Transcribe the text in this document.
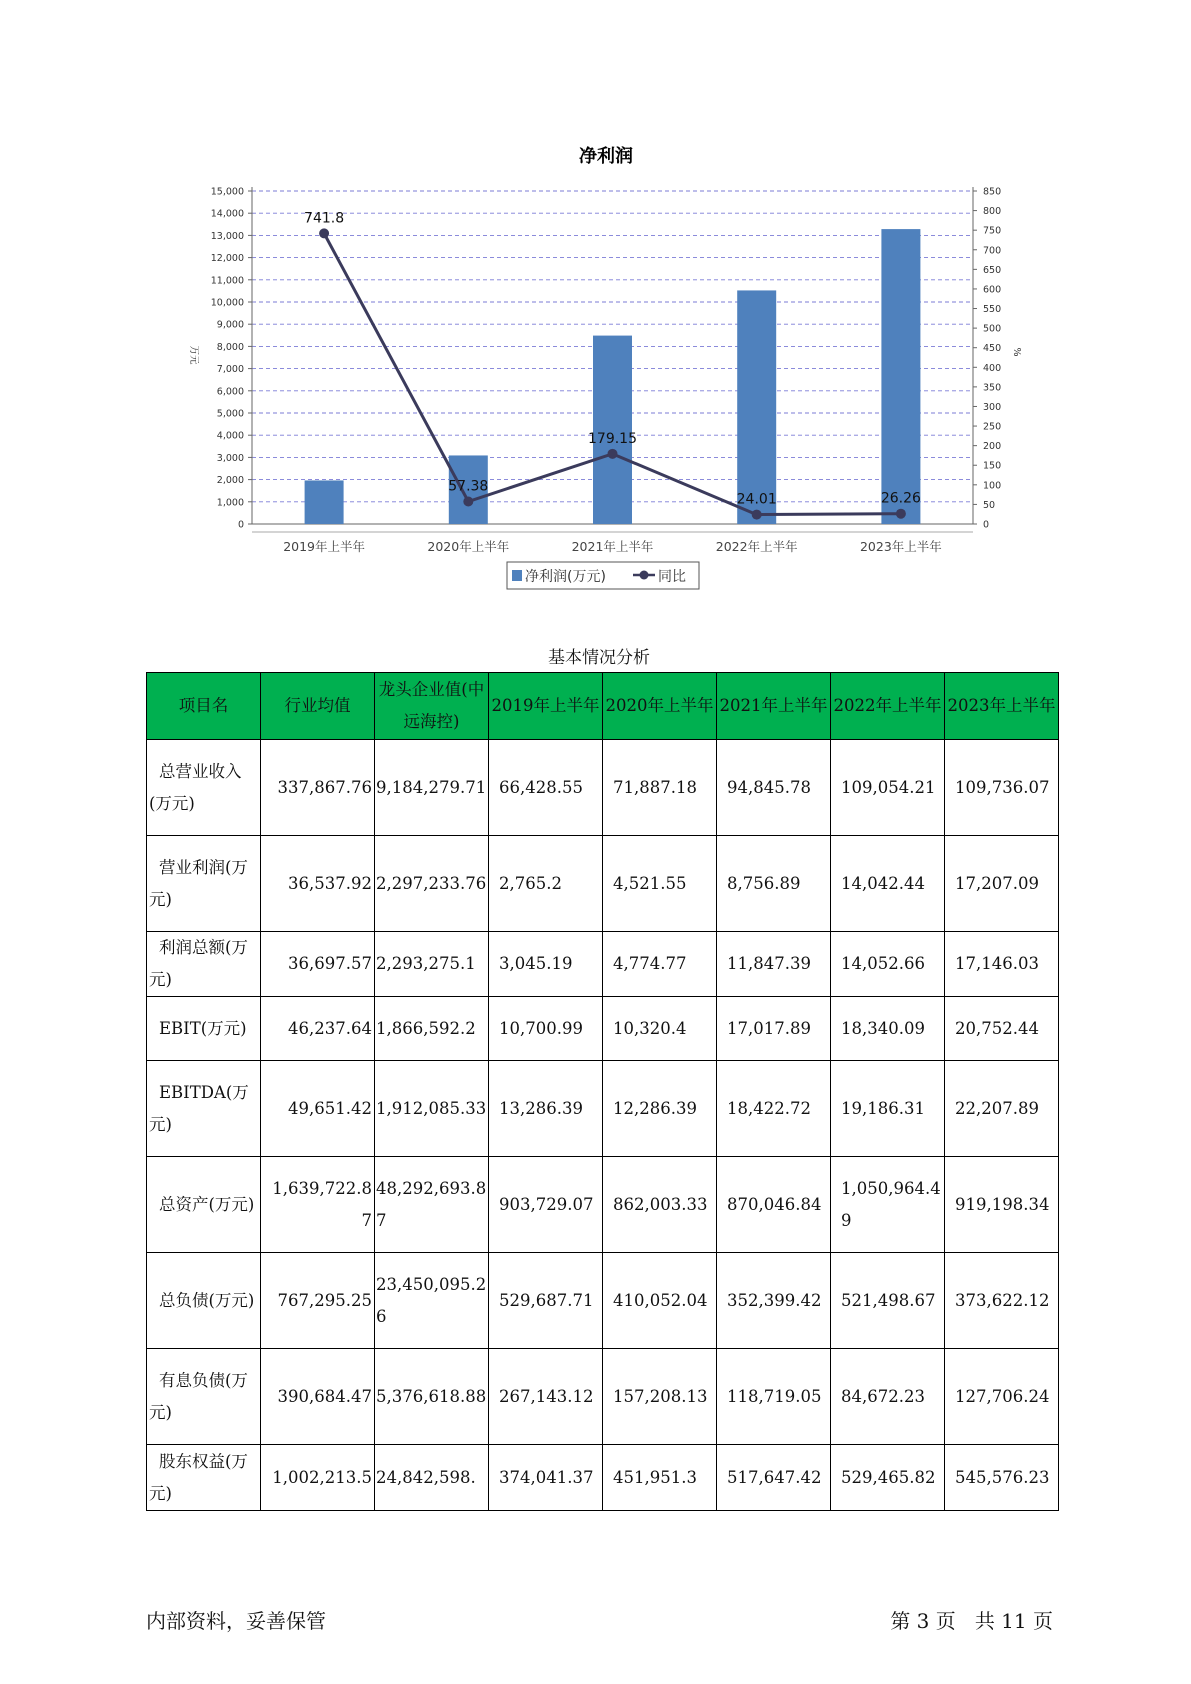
净利润
0
1,000
2,000
3,000
4,000
5,000
6,000
7,000
8,000
9,000
10,000
11,000
12,000
13,000
14,000
15,000
0
50
100
150
200
250
300
350
400
450
500
550
600
650
700
750
800
850
2019年上半年	2020年上半年	2021年上半年	2022年上半年	2023年上半年
741.8
57.38
179.15
24.01	26.26
万元	%
净利润(万元)	同比
基本情况分析
项目名	行业均值	龙头企业值(中远海控)	2019年上半年	2020年上半年	2021年上半年	2022年上半年	2023年上半年
总营业收入(万元)	337,867.76	9,184,279.71	66,428.55	71,887.18	94,845.78	109,054.21	109,736.07
营业利润(万元)	36,537.92	2,297,233.76	2,765.2	4,521.55	8,756.89	14,042.44	17,207.09
利润总额(万元)	36,697.57	2,293,275.1	3,045.19	4,774.77	11,847.39	14,052.66	17,146.03
EBIT(万元)	46,237.64	1,866,592.2	10,700.99	10,320.4	17,017.89	18,340.09	20,752.44
EBITDA(万元)	49,651.42	1,912,085.33	13,286.39	12,286.39	18,422.72	19,186.31	22,207.89
总资产(万元)	1,639,722.87	48,292,693.87	903,729.07	862,003.33	870,046.84	1,050,964.49	919,198.34
总负债(万元)	767,295.25	23,450,095.26	529,687.71	410,052.04	352,399.42	521,498.67	373,622.12
有息负债(万元)	390,684.47	5,376,618.88	267,143.12	157,208.13	118,719.05	84,672.23	127,706.24
股东权益(万元)	1,002,213.5	24,842,598.	374,041.37	451,951.3	517,647.42	529,465.82	545,576.23
内部资料，妥善保管	第 3 页   共 11 页
